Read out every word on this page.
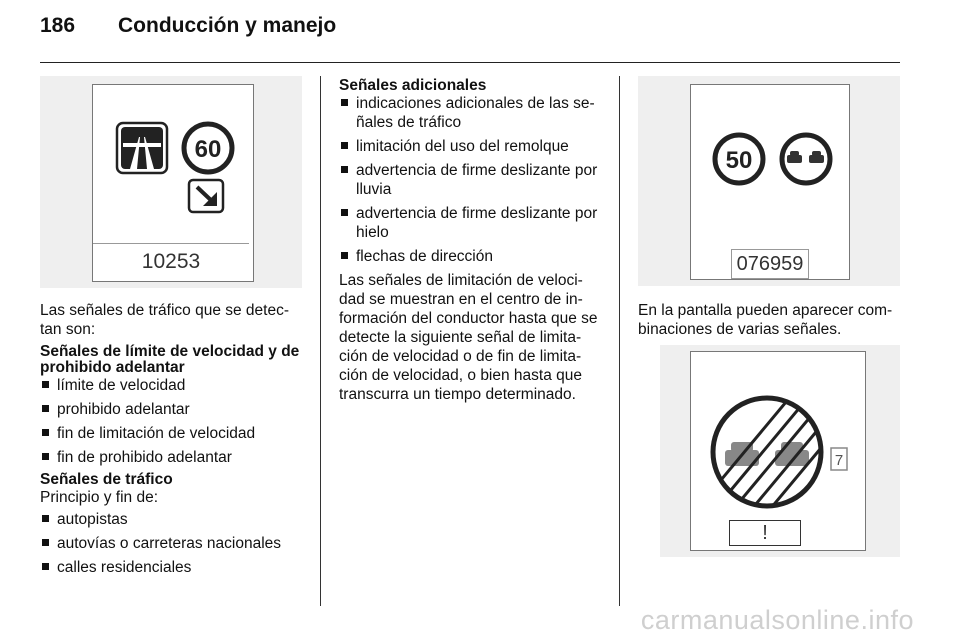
186 Conducción y manejo
60
10253

Las señales de tráfico que se detec-

tan son:

Señales de límite de velocidad y de

prohibido adelantar

límite de velocidad
prohibido adelantar
fin de limitación de velocidad
fin de prohibido adelantar

Señales de tráfico

Principio y fin de:

autopistas
autovías o carreteras nacionales
calles residenciales

Señales adicionales

indicaciones adicionales de las se-
ñales de tráfico
limitación del uso del remolque
advertencia de firme deslizante por
lluvia
advertencia de firme deslizante por
hielo
flechas de dirección

Las señales de limitación de veloci-

dad se muestran en el centro de in-

formación del conductor hasta que se

detecte la siguiente señal de limita-

ción de velocidad o de fin de limita-

ción de velocidad, o bien hasta que

transcurra un tiempo determinado.

50
076959

En la pantalla pueden aparecer com-

binaciones de varias señales.

7
!
carmanualsonline.info
